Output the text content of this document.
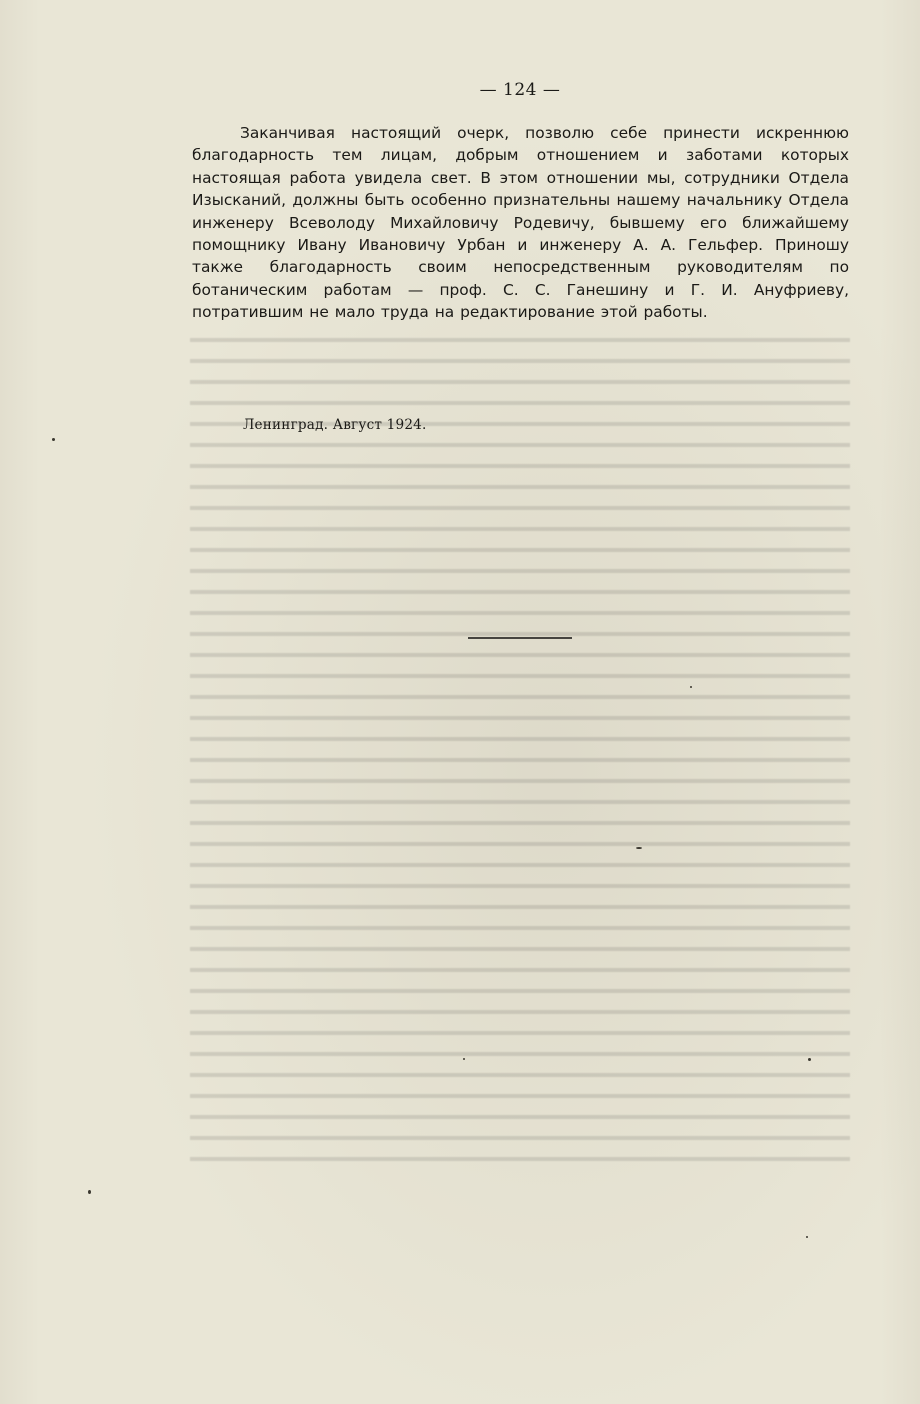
— 124 —

Заканчивая настоящий очерк, позволю себе принести искреннюю благодарность тем лицам, добрым отношением и заботами которых настоящая работа увидела свет. В этом отношении мы, сотрудники Отдела Изысканий, должны быть особенно признательны нашему начальнику Отдела инженеру Всеволоду Михайловичу Родевичу, бывшему его ближайшему помощнику Ивану Ивановичу Урбан и инженеру А. А. Гельфер. Приношу также благодарность своим непосредственным руководителям по ботаническим работам — проф. С. С. Ганешину и Г. И. Ануфриеву, потратившим не мало труда на редактирование этой работы.

Ленинград. Август 1924.
